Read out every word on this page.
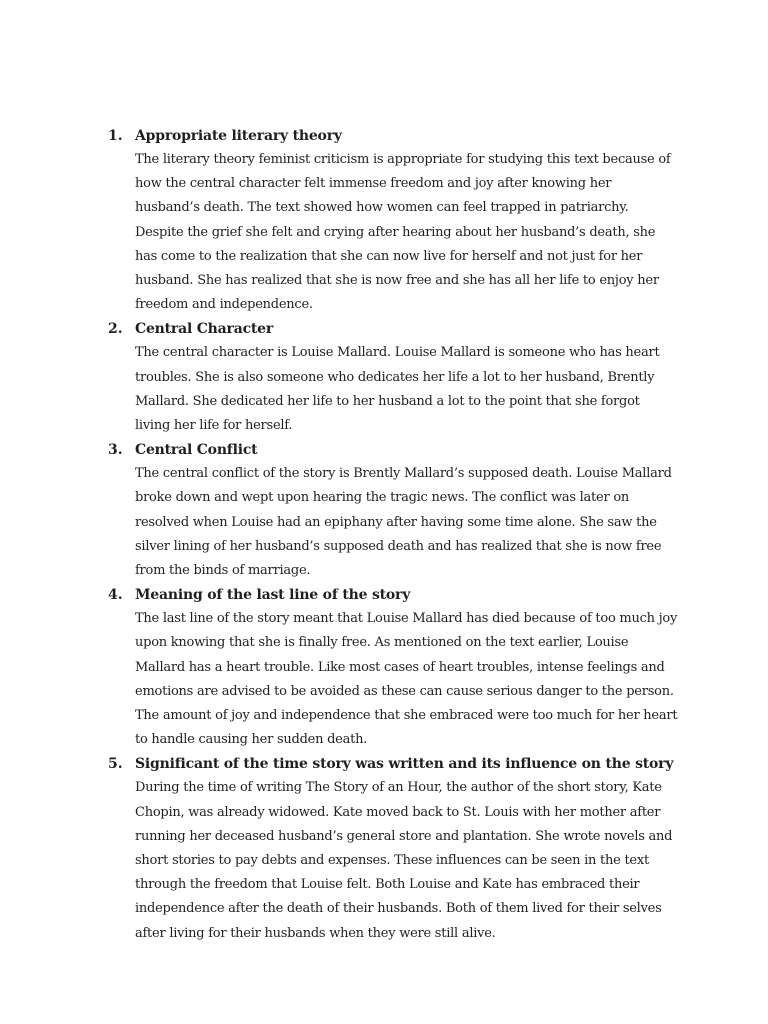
1. Appropriate literary theory

The literary theory feminist criticism is appropriate for studying this text because of how the central character felt immense freedom and joy after knowing her husband’s death. The text showed how women can feel trapped in patriarchy. Despite the grief she felt and crying after hearing about her husband’s death, she has come to the realization that she can now live for herself and not just for her husband. She has realized that she is now free and she has all her life to enjoy her freedom and independence.

2. Central Character

The central character is Louise Mallard. Louise Mallard is someone who has heart troubles. She is also someone who dedicates her life a lot to her husband, Brently Mallard. She dedicated her life to her husband a lot to the point that she forgot living her life for herself.

3. Central Conflict

The central conflict of the story is Brently Mallard’s supposed death. Louise Mallard broke down and wept upon hearing the tragic news. The conflict was later on resolved when Louise had an epiphany after having some time alone. She saw the silver lining of her husband’s supposed death and has realized that she is now free from the binds of marriage.

4. Meaning of the last line of the story

The last line of the story meant that Louise Mallard has died because of too much joy upon knowing that she is finally free. As mentioned on the text earlier, Louise Mallard has a heart trouble. Like most cases of heart troubles, intense feelings and emotions are advised to be avoided as these can cause serious danger to the person. The amount of joy and independence that she embraced were too much for her heart to handle causing her sudden death.

5. Significant of the time story was written and its influence on the story

During the time of writing The Story of an Hour, the author of the short story, Kate Chopin, was already widowed. Kate moved back to St. Louis with her mother after running her deceased husband’s general store and plantation. She wrote novels and short stories to pay debts and expenses. These influences can be seen in the text through the freedom that Louise felt. Both Louise and Kate has embraced their independence after the death of their husbands. Both of them lived for their selves after living for their husbands when they were still alive.
